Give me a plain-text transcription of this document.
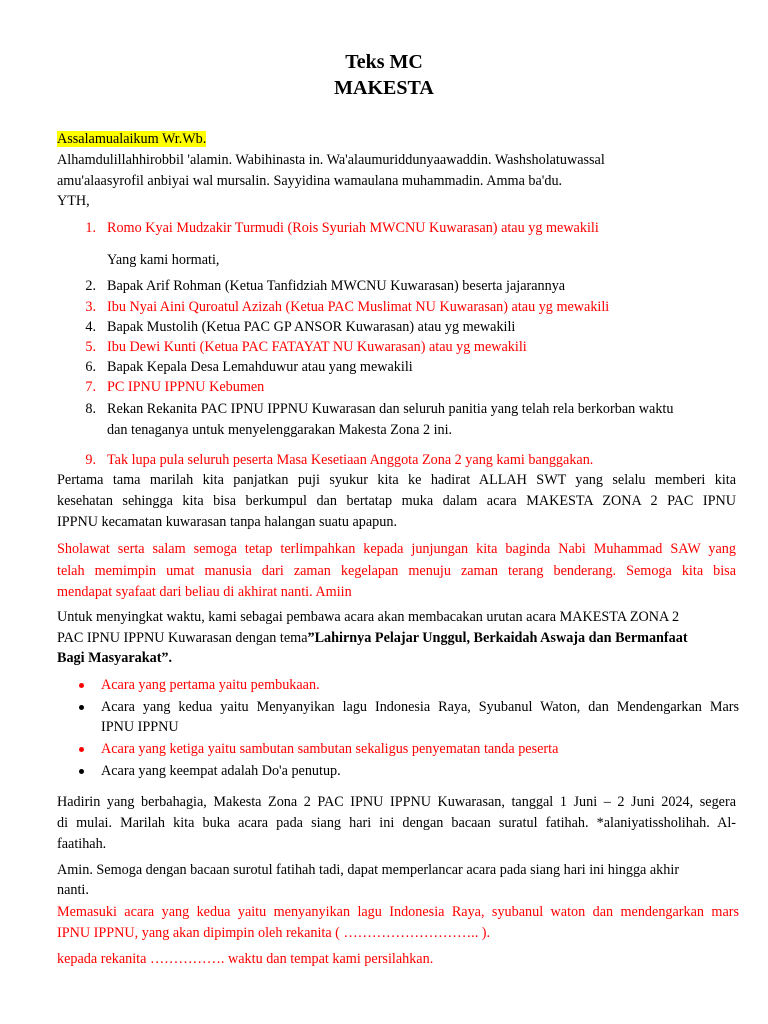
Teks MC
MAKESTA
Assalamualaikum Wr.Wb.
Alhamdulillahhirobbil 'alamin. Wabihinasta in. Wa'alaumuriddunyaawaddin. Washsholatuwassal
amu'alaasyrofil anbiyai wal mursalin. Sayyidina wamaulana muhammadin. Amma ba'du.
YTH,
1. Romo Kyai Mudzakir Turmudi (Rois Syuriah MWCNU Kuwarasan) atau yg mewakili
Yang kami hormati,
2. Bapak Arif Rohman (Ketua Tanfidziah MWCNU Kuwarasan) beserta jajarannya
3. Ibu Nyai Aini Quroatul Azizah (Ketua PAC Muslimat NU Kuwarasan) atau yg mewakili
4. Bapak Mustolih (Ketua PAC GP ANSOR Kuwarasan) atau yg mewakili
5. Ibu Dewi Kunti (Ketua PAC FATAYAT NU Kuwarasan) atau yg mewakili
6. Bapak Kepala Desa Lemahduwur atau yang mewakili
7. PC IPNU IPPNU Kebumen
8. Rekan Rekanita PAC IPNU IPPNU Kuwarasan dan seluruh panitia yang telah rela berkorban waktu
dan tenaganya untuk menyelenggarakan Makesta Zona 2 ini.
9. Tak lupa pula seluruh peserta Masa Kesetiaan Anggota Zona 2 yang kami banggakan.
Pertama tama marilah kita panjatkan puji syukur kita ke hadirat ALLAH SWT yang selalu memberi kita
kesehatan sehingga kita bisa berkumpul dan bertatap muka dalam acara MAKESTA ZONA 2 PAC IPNU
IPPNU kecamatan kuwarasan tanpa halangan suatu apapun.
Sholawat serta salam semoga tetap terlimpahkan kepada junjungan kita baginda Nabi Muhammad SAW yang
telah memimpin umat manusia dari zaman kegelapan menuju zaman terang benderang. Semoga kita bisa
mendapat syafaat dari beliau di akhirat nanti. Amiin
Untuk menyingkat waktu, kami sebagai pembawa acara akan membacakan urutan acara MAKESTA ZONA 2
PAC IPNU IPPNU Kuwarasan dengan tema”Lahirnya Pelajar Unggul, Berkaidah Aswaja dan Bermanfaat
Bagi Masyarakat”.
Acara yang pertama yaitu pembukaan.
Acara yang kedua yaitu Menyanyikan lagu Indonesia Raya, Syubanul Waton, dan Mendengarkan Mars
IPNU IPPNU
Acara yang ketiga yaitu sambutan sambutan sekaligus penyematan tanda peserta
Acara yang keempat adalah Do'a penutup.
Hadirin yang berbahagia, Makesta Zona 2 PAC IPNU IPPNU Kuwarasan, tanggal 1 Juni – 2 Juni 2024, segera
di mulai. Marilah kita buka acara pada siang hari ini dengan bacaan suratul fatihah. *alaniyatissholihah. Al-
faatihah.
Amin. Semoga dengan bacaan surotul fatihah tadi, dapat memperlancar acara pada siang hari ini hingga akhir
nanti.
Memasuki acara yang kedua yaitu menyanyikan lagu Indonesia Raya, syubanul waton dan mendengarkan mars
IPNU IPPNU, yang akan dipimpin oleh rekanita ( ……………………….. ).
kepada rekanita ……………. waktu dan tempat kami persilahkan.
